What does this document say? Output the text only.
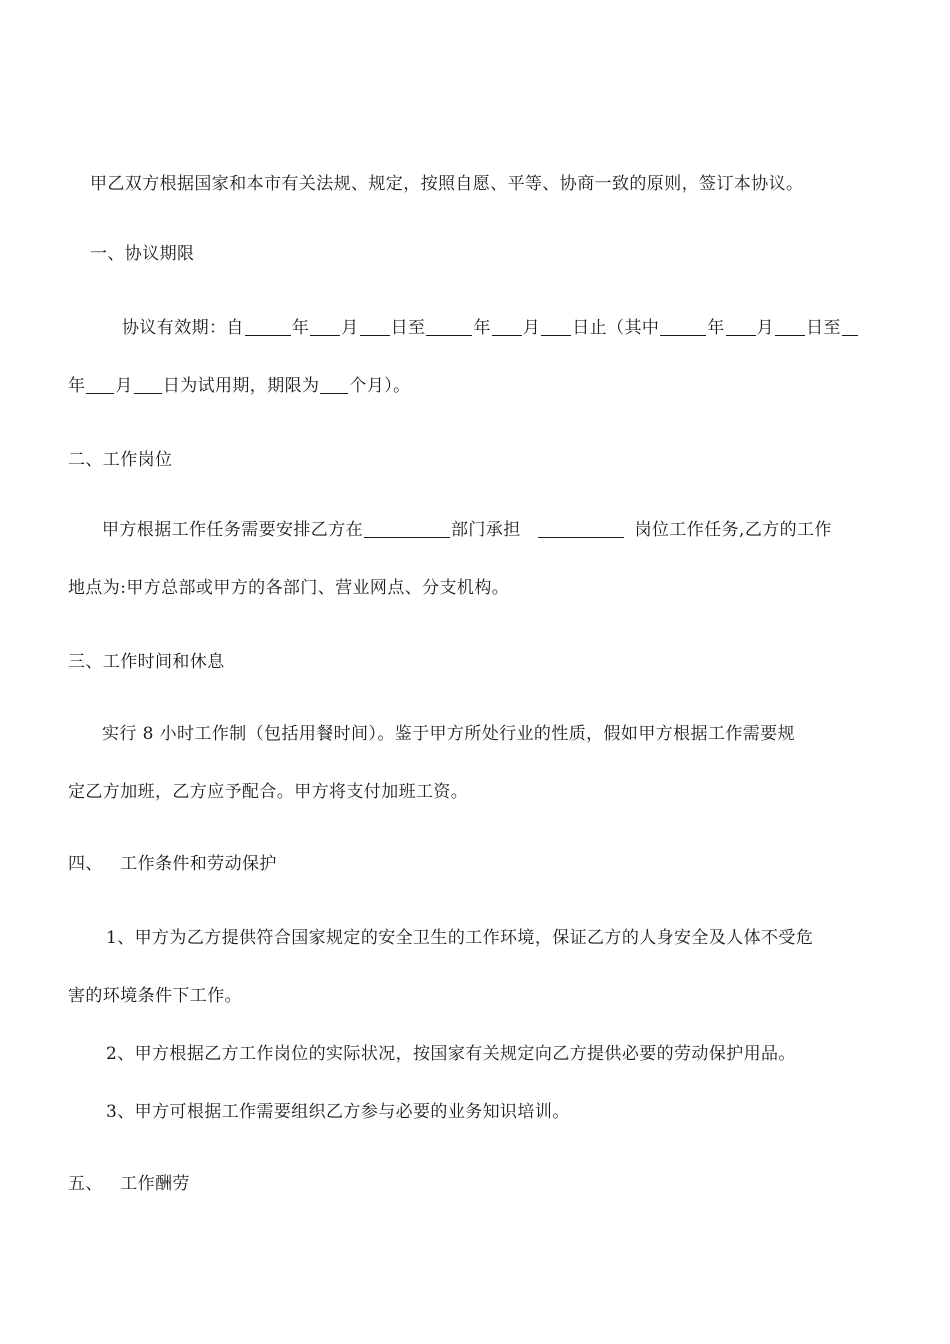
甲乙双方根据国家和本市有关法规、规定，按照自愿、平等、协商一致的原则，签订本协议。
一、协议期限
协议有效期：自	年 月 日至	年 月 日止（其中	年 月 日至
年 月 日为试用期，期限为 个月）。
二、工作岗位
甲方根据工作任务需要安排乙方在	部门承担	岗位工作任务,乙方的工作
地点为:甲方总部或甲方的各部门、营业网点、分支机构。
三、工作时间和休息
实行 8 小时工作制（包括用餐时间）。鉴于甲方所处行业的性质，假如甲方根据工作需要规
定乙方加班，乙方应予配合。甲方将支付加班工资。
四、   工作条件和劳动保护
1、甲方为乙方提供符合国家规定的安全卫生的工作环境，保证乙方的人身安全及人体不受危
害的环境条件下工作。
2、甲方根据乙方工作岗位的实际状况，按国家有关规定向乙方提供必要的劳动保护用品。
3、甲方可根据工作需要组织乙方参与必要的业务知识培训。
五、   工作酬劳
